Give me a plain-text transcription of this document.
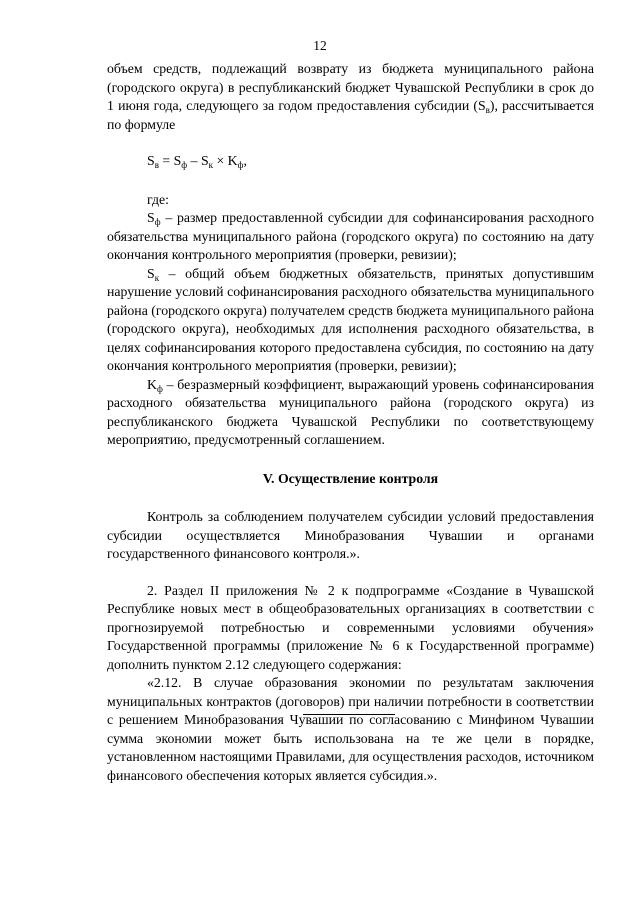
12

объем средств, подлежащий возврату из бюджета муниципального района (городского округа) в республиканский бюджет Чувашской Республики в срок до 1 июня года, следующего за годом предоставления субсидии $(S_в)$, рассчитывается по формуле

$S_в = S_ф - S_к \times K_ф$,

где:

$S_ф$ – размер предоставленной субсидии для софинансирования расходного обязательства муниципального района (городского округа) по состоянию на дату окончания контрольного мероприятия (проверки, ревизии);

$S_к$ – общий объем бюджетных обязательств, принятых допустившим нарушение условий софинансирования расходного обязательства муниципального района (городского округа) получателем средств бюджета муниципального района (городского округа), необходимых для исполнения расходного обязательства, в целях софинансирования которого предоставлена субсидия, по состоянию на дату окончания контрольного мероприятия (проверки, ревизии);

$K_ф$ – безразмерный коэффициент, выражающий уровень софинансирования расходного обязательства муниципального района (городского округа) из республиканского бюджета Чувашской Республики по соответствующему мероприятию, предусмотренный соглашением.

V. Осуществление контроля

Контроль за соблюдением получателем субсидии условий предоставления субсидии осуществляется Минобразования Чувашии и органами государственного финансового контроля.».

2. Раздел II приложения № 2 к подпрограмме «Создание в Чувашской Республике новых мест в общеобразовательных организациях в соответствии с прогнозируемой потребностью и современными условиями обучения» Государственной программы (приложение № 6 к Государственной программе) дополнить пунктом 2.12 следующего содержания:

«2.12. В случае образования экономии по результатам заключения муниципальных контрактов (договоров) при наличии потребности в соответствии с решением Минобразования Чувашии по согласованию с Минфином Чувашии сумма экономии может быть использована на те же цели в порядке, установленном настоящими Правилами, для осуществления расходов, источником финансового обеспечения которых является субсидия.».
